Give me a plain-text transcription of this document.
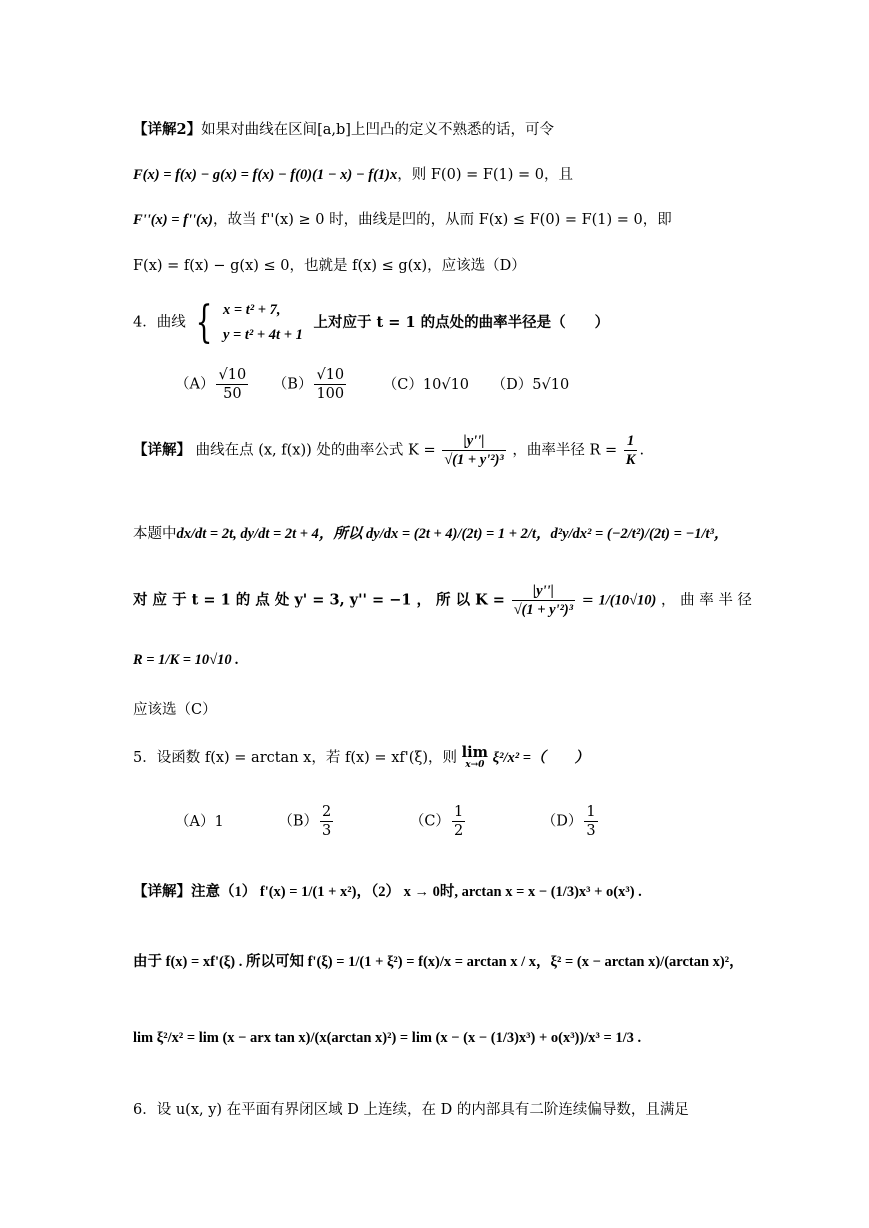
【详解2】如果对曲线在区间[a,b]上凹凸的定义不熟悉的话，可令
F(x) = f(x) − g(x) = f(x) − f(0)(1 − x) − f(1)x，则 F(0) = F(1) = 0，且
F''(x) = f''(x)，故当 f''(x) ≥ 0 时，曲线是凹的，从而 F(x) ≤ F(0) = F(1) = 0，即
F(x) = f(x) − g(x) ≤ 0，也就是 f(x) ≤ g(x)，应该选（D）
4．曲线 { x = t² + 7,
y = t² + 4t + 1
上对应于 t = 1 的点处的曲率半径是（　　）
$(A) \frac{√10}{50} (B) \frac{√10}{100}$	（C）10√10 （D）5√10
【详解】 曲线在点 (x, f(x)) 处的曲率公式 $K = \frac{|y''|}{\text{√(1 + y'²)³}}$ ，曲率半径 $R = \frac{1}{K}$ .
本题中dx/dt = 2t, dy/dt = 2t + 4，所以 dy/dx = (2t + 4)/(2t) = 1 + 2/t，d²y/dx² = (−2/t²)/(2t) = −1/t³，
对 应 于 t = 1 的 点 处 y' = 3, y'' = −1 ， 所 以 $K = \frac{|y''|}{\text{√(1 + y'²)³}} = 1/(10√10)$ ， 曲 率 半 径
R = 1/K = 10√10 .
应该选（C）
5．设函数 f(x) = arctan x，若 f(x) = xf'(ξ)，则 lim
x→0 ξ²/x² =（　　）
（A）1	$(B) \frac{2}{3}$	$(C) \frac{1}{2}$	$(D) \frac{1}{3}$
【详解】注意（1） f'(x) = 1/(1 + x²)，（2） x → 0时, arctan x = x − (1/3)x³ + o(x³) .
由于 f(x) = xf'(ξ) . 所以可知 f'(ξ) = 1/(1 + ξ²) = f(x)/x = arctan x / x，ξ² = (x − arctan x)/(arctan x)²，
lim ξ²/x² = lim (x − arx tan x)/(x(arctan x)²) = lim (x − (x − (1/3)x³) + o(x³))/x³ = 1/3 .
6．设 u(x, y) 在平面有界闭区域 D 上连续，在 D 的内部具有二阶连续偏导数，且满足
